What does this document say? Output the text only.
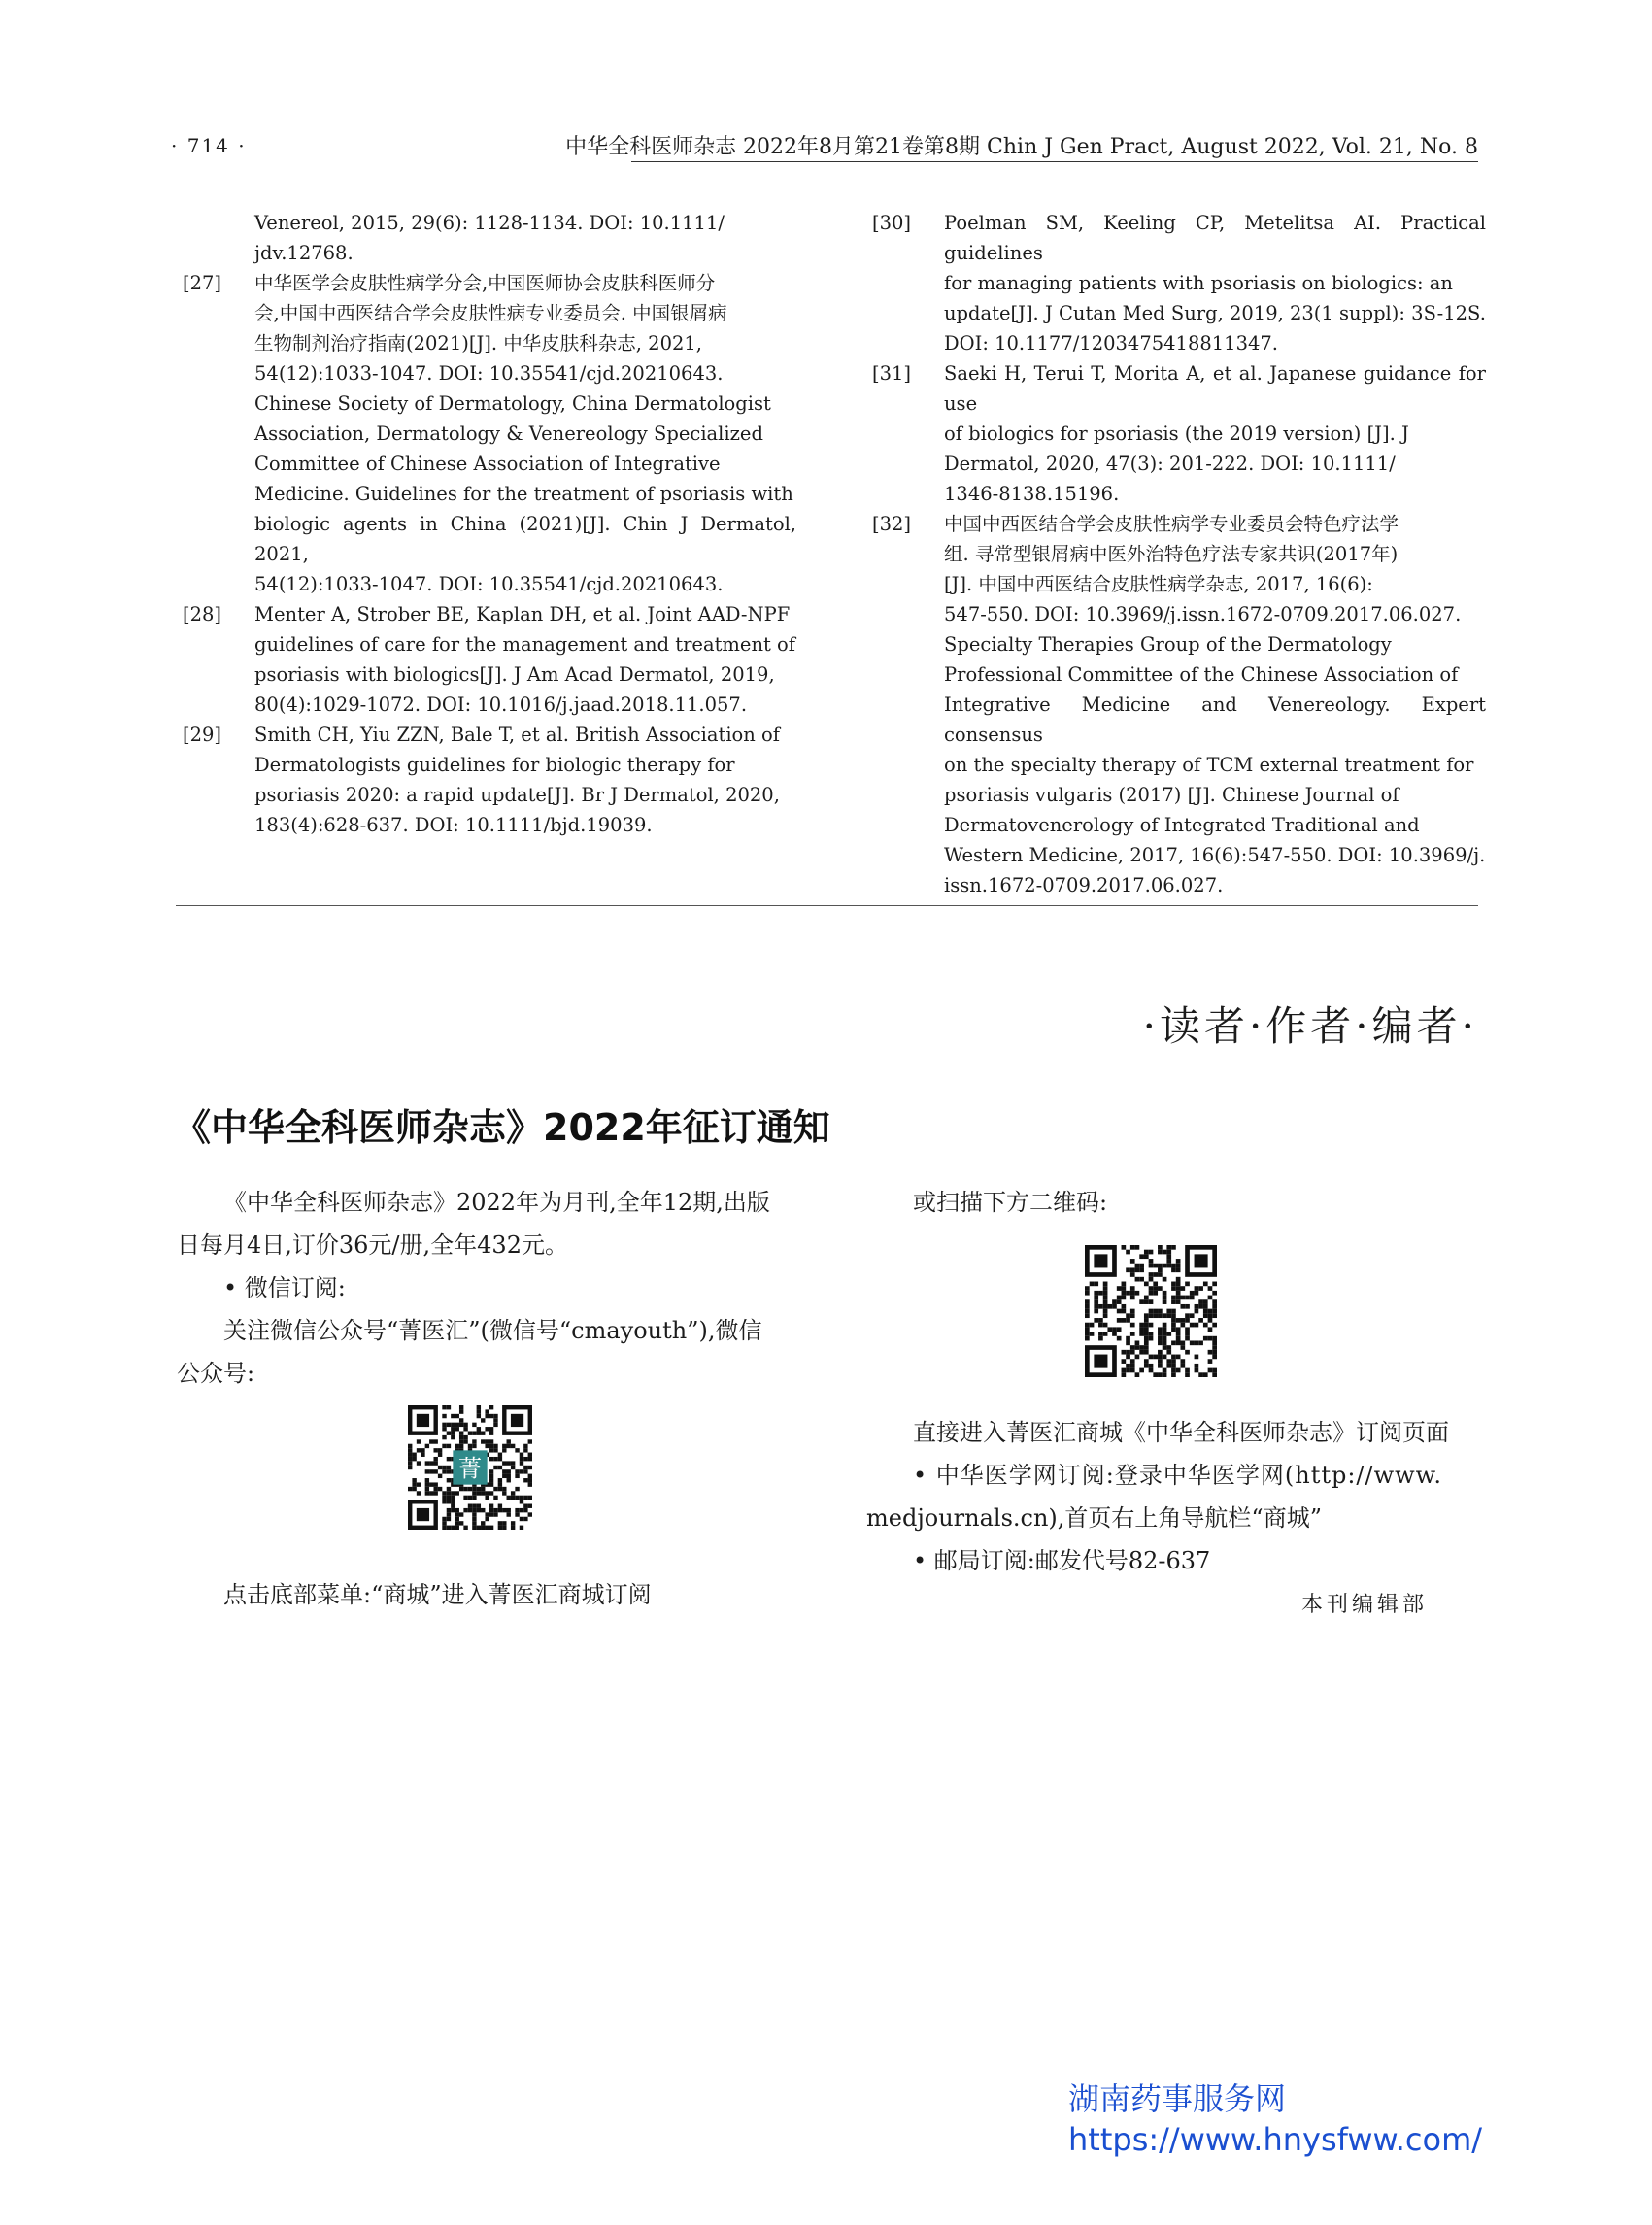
· 714 ·	中华全科医师杂志 2022年8月第21卷第8期 Chin J Gen Pract, August 2022, Vol. 21, No. 8
Venereol, 2015, 29(6): 1128-1134. DOI: 10.1111/
jdv.12768.
[27] 中华医学会皮肤性病学分会,中国医师协会皮肤科医师分
会,中国中西医结合学会皮肤性病专业委员会. 中国银屑病
生物制剂治疗指南(2021)[J]. 中华皮肤科杂志, 2021,
54(12):1033-1047. DOI: 10.35541/cjd.20210643.
Chinese Society of Dermatology, China Dermatologist
Association, Dermatology & Venereology Specialized
Committee of Chinese Association of Integrative
Medicine. Guidelines for the treatment of psoriasis with
biologic agents in China (2021)[J]. Chin J Dermatol, 2021,
54(12):1033-1047. DOI: 10.35541/cjd.20210643.
[28] Menter A, Strober BE, Kaplan DH, et al. Joint AAD-NPF
guidelines of care for the management and treatment of
psoriasis with biologics[J]. J Am Acad Dermatol, 2019,
80(4):1029-1072. DOI: 10.1016/j.jaad.2018.11.057.
[29] Smith CH, Yiu ZZN, Bale T, et al. British Association of
Dermatologists guidelines for biologic therapy for
psoriasis 2020: a rapid update[J]. Br J Dermatol, 2020,
183(4):628-637. DOI: 10.1111/bjd.19039.
[30] Poelman SM, Keeling CP, Metelitsa AI. Practical guidelines
for managing patients with psoriasis on biologics: an
update[J]. J Cutan Med Surg, 2019, 23(1 suppl): 3S-12S.
DOI: 10.1177/1203475418811347.
[31] Saeki H, Terui T, Morita A, et al. Japanese guidance for use
of biologics for psoriasis (the 2019 version) [J]. J
Dermatol, 2020, 47(3): 201-222. DOI: 10.1111/
1346-8138.15196.
[32] 中国中西医结合学会皮肤性病学专业委员会特色疗法学
组. 寻常型银屑病中医外治特色疗法专家共识(2017年)
[J]. 中国中西医结合皮肤性病学杂志, 2017, 16(6):
547-550. DOI: 10.3969/j.issn.1672-0709.2017.06.027.
Specialty Therapies Group of the Dermatology
Professional Committee of the Chinese Association of
Integrative Medicine and Venereology. Expert consensus
on the specialty therapy of TCM external treatment for
psoriasis vulgaris (2017) [J]. Chinese Journal of
Dermatovenerology of Integrated Traditional and
Western Medicine, 2017, 16(6):547-550. DOI: 10.3969/j.
issn.1672-0709.2017.06.027.
·读者·作者·编者·
《中华全科医师杂志》2022年征订通知
《中华全科医师杂志》2022年为月刊,全年12期,出版
日每月4日,订价36元/册,全年432元。
• 微信订阅:
关注微信公众号“菁医汇”(微信号“cmayouth”),微信
公众号:
菁
点击底部菜单:“商城”进入菁医汇商城订阅
或扫描下方二维码:
直接进入菁医汇商城《中华全科医师杂志》订阅页面
• 中华医学网订阅:登录中华医学网(http://www.
medjournals.cn),首页右上角导航栏“商城”
• 邮局订阅:邮发代号82-637
本刊编辑部
湖南药事服务网
https://www.hnysfww.com/
